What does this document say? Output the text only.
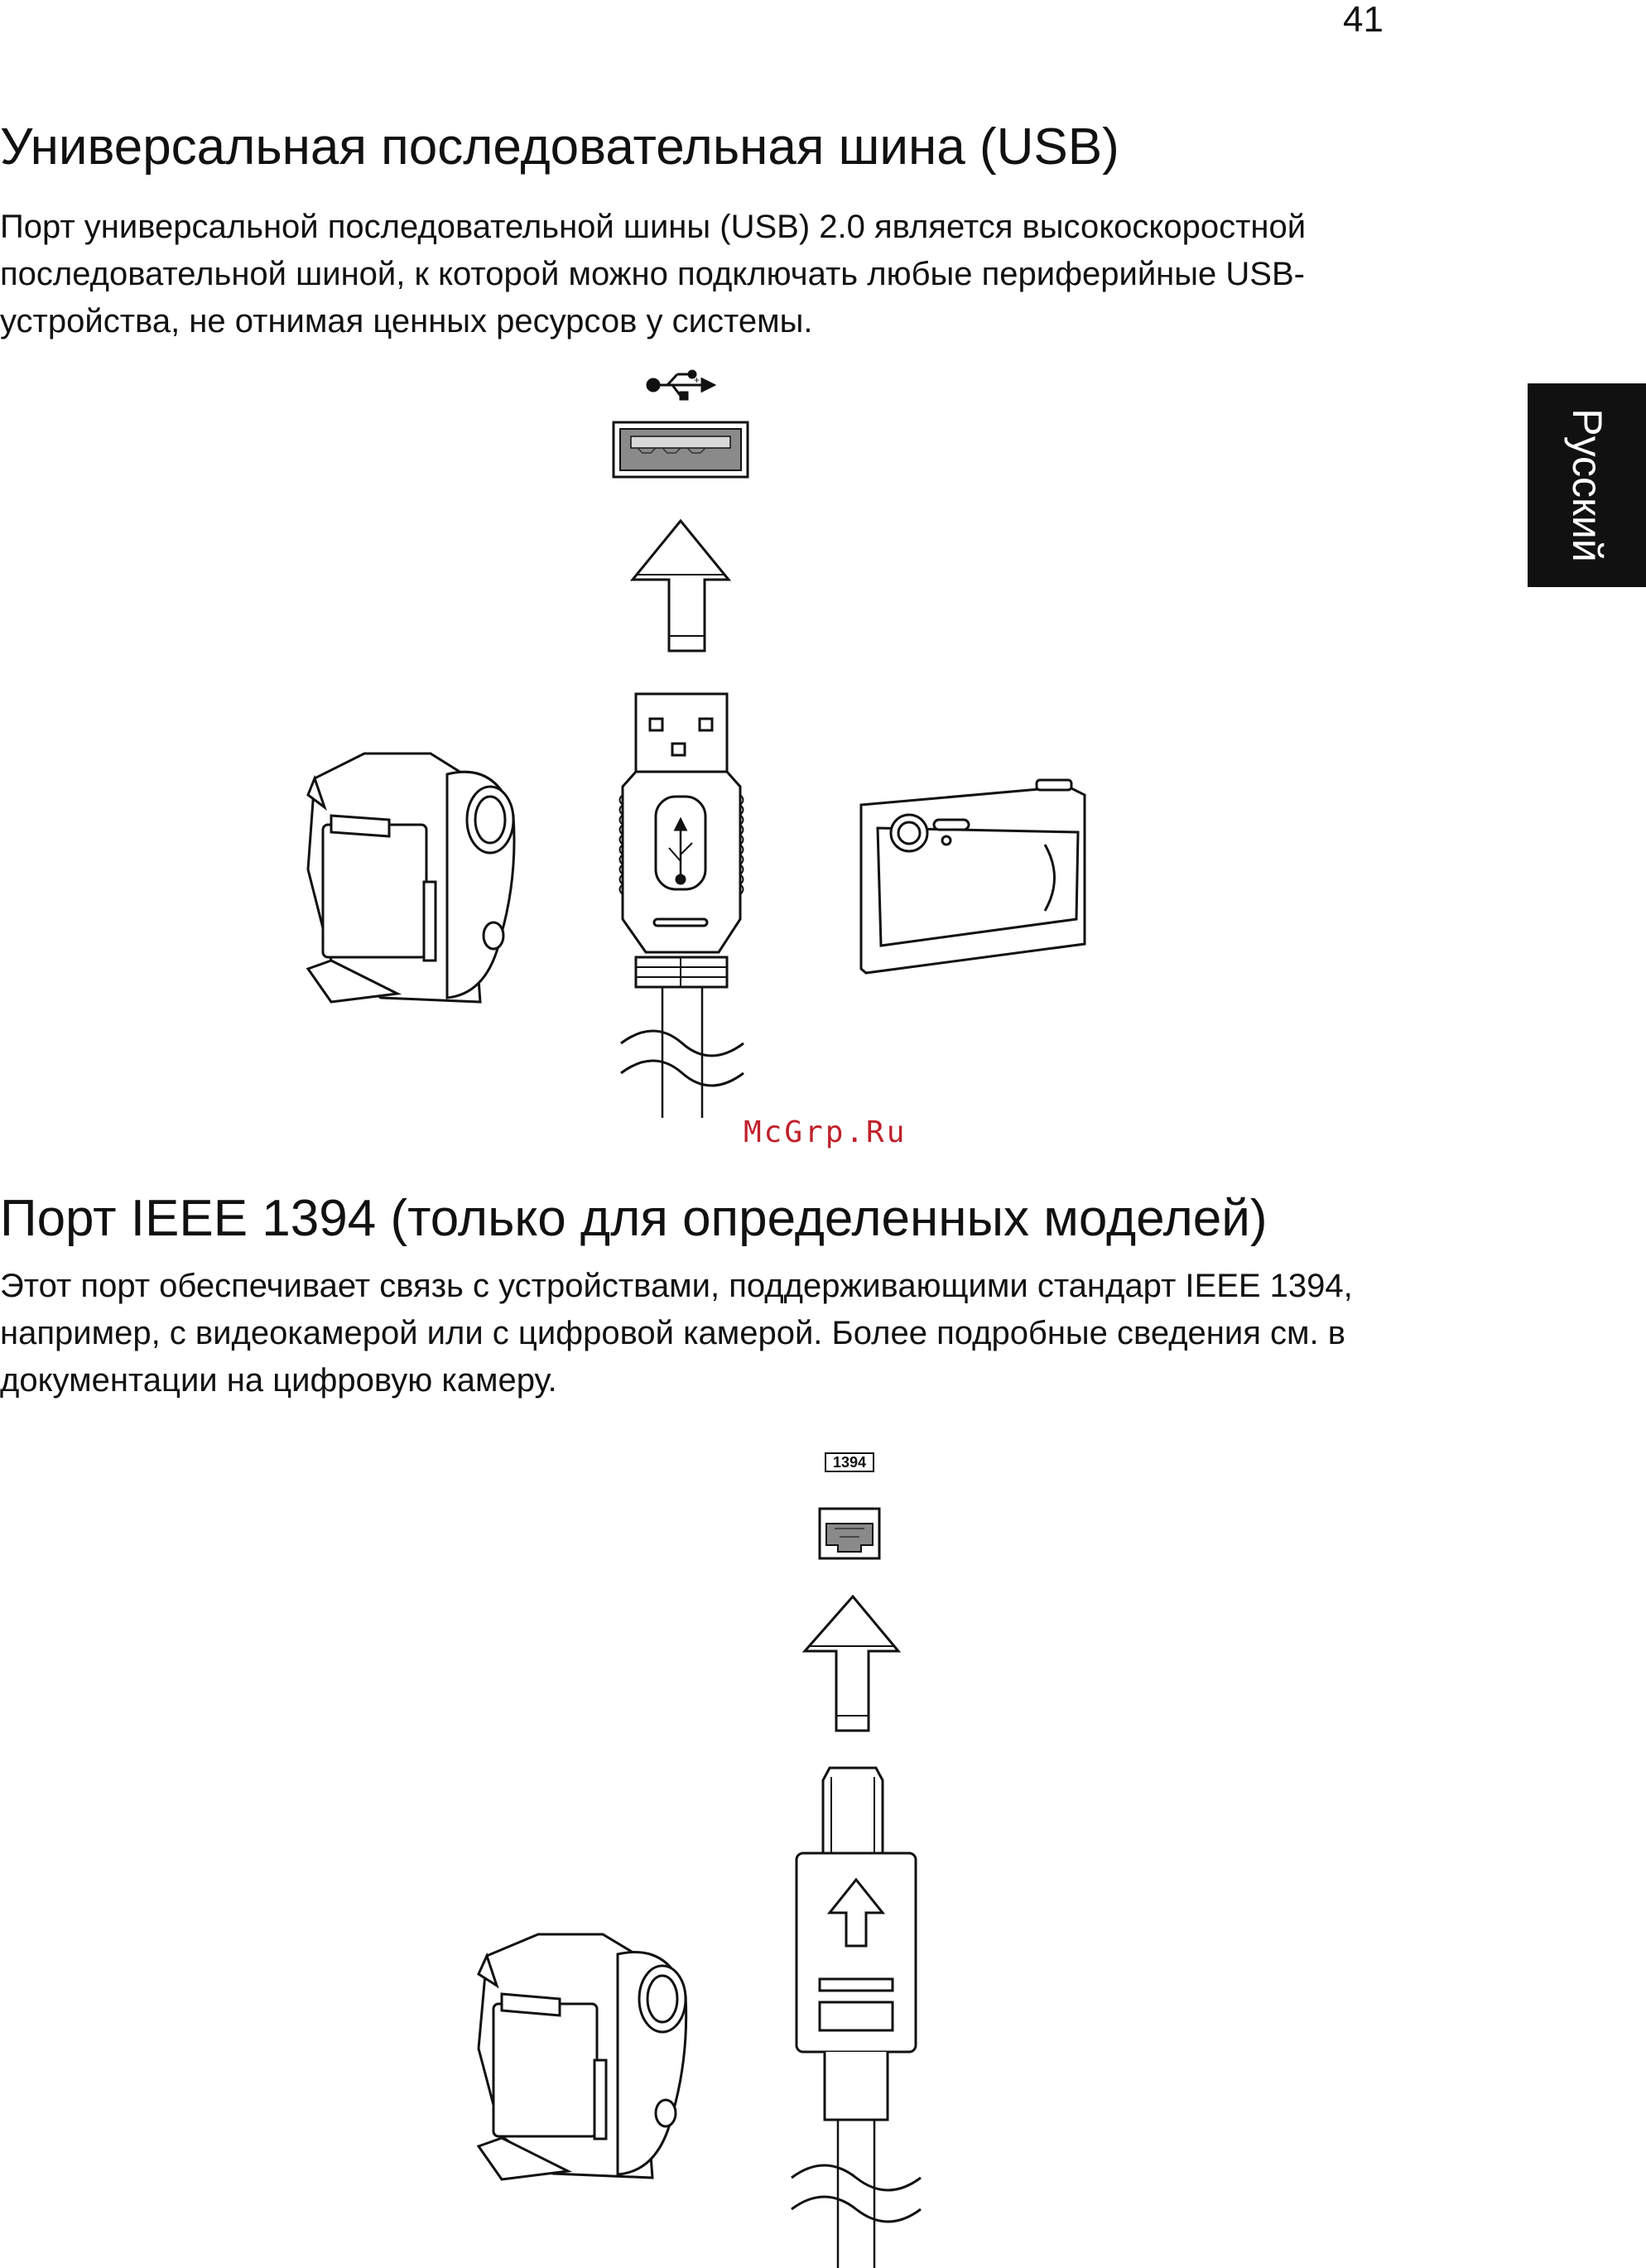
41
Русский
Универсальная последовательная шина (USB)
Порт универсальной последовательной шины (USB) 2.0 является высокоскоростной последовательной шиной, к которой можно подключать любые периферийные USB-устройства, не отнимая ценных ресурсов у системы.
+
McGrp.Ru
Порт IEEE 1394 (только для определенных моделей)
Этот порт обеспечивает связь с устройствами, поддерживающими стандарт IEEE 1394, например, с видеокамерой или с цифровой камерой. Более подробные сведения см. в документации на цифровую камеру.
1394
